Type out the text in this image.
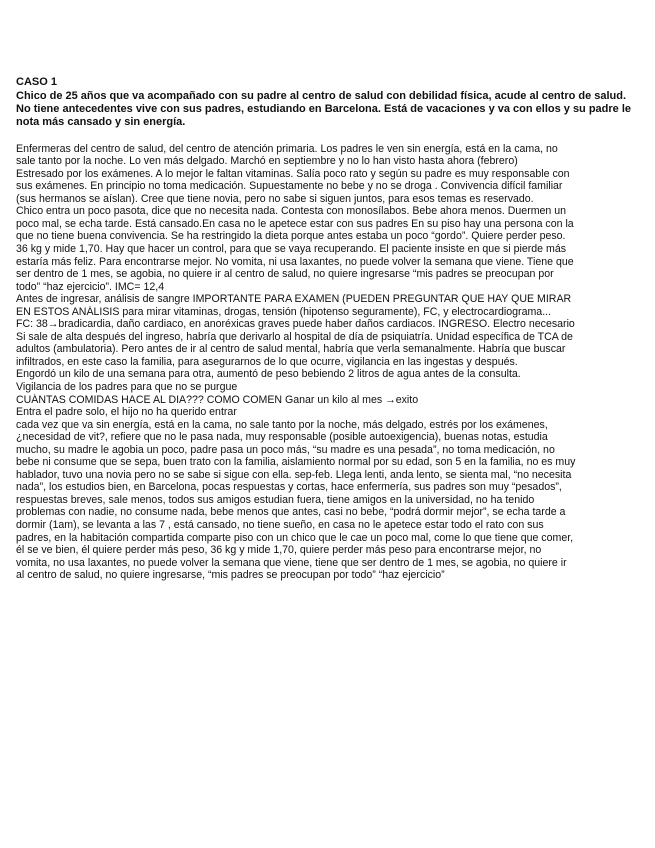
CASO 1

Chico de 25 años que va acompañado con su padre al centro de salud con debilidad física, acude al centro de salud. No tiene antecedentes vive con sus padres, estudiando en Barcelona. Está de vacaciones y va con ellos y su padre le nota más cansado y sin energía.

Enfermeras del centro de salud, del centro de atención primaria. Los padres le ven sin energía, está en la cama, no
sale tanto por la noche. Lo ven más delgado. Marchó en septiembre y no lo han visto hasta ahora (febrero)
Estresado por los exámenes. A lo mejor le faltan vitaminas. Salía poco rato y según su padre es muy responsable con
sus exámenes. En principio no toma medicación. Supuestamente no bebe y no se droga . Convivencia difícil familiar
(sus hermanos se aíslan). Cree que tiene novia, pero no sabe si siguen juntos, para esos temas es reservado.
Chico entra un poco pasota, dice que no necesita nada. Contesta con monosílabos. Bebe ahora menos. Duermen un
poco mal, se echa tarde. Está cansado.En casa no le apetece estar con sus padres En su piso hay una persona con la
que no tiene buena convivencia. Se ha restringido la dieta porque antes estaba un poco “gordo”. Quiere perder peso.
36 kg y mide 1,70. Hay que hacer un control, para que se vaya recuperando. El paciente insiste en que si pierde más
estaría más feliz. Para encontrarse mejor. No vomita, ni usa laxantes, no puede volver la semana que viene. Tiene que
ser dentro de 1 mes, se agobia, no quiere ir al centro de salud, no quiere ingresarse “mis padres se preocupan por
todo” “haz ejercicio”. IMC= 12,4
Antes de ingresar, análisis de sangre IMPORTANTE PARA EXAMEN (PUEDEN PREGUNTAR QUE HAY QUE MIRAR
EN ESTOS ANÁLISIS para mirar vitaminas, drogas, tensión (hipotenso seguramente), FC, y electrocardiograma...
FC: 38→bradicardia, daño cardiaco, en anoréxicas graves puede haber daños cardiacos. INGRESO. Electro necesario
Si sale de alta después del ingreso, habría que derivarlo al hospital de día de psiquiatría. Unidad específica de TCA de
adultos (ambulatoria). Pero antes de ir al centro de salud mental, habría que verla semanalmente. Habría que buscar
infiltrados, en este caso la familia, para asegurarnos de lo que ocurre, vigilancia en las ingestas y después.
Engordó un kilo de una semana para otra, aumentó de peso bebiendo 2 litros de agua antes de la consulta.
Vigilancia de los padres para que no se purgue
CUÁNTAS COMIDAS HACE AL DIA??? COMO COMEN Ganar un kilo al mes →exito
Entra el padre solo, el hijo no ha querido entrar
cada vez que va sin energía, está en la cama, no sale tanto por la noche, más delgado, estrés por los exámenes,
¿necesidad de vit?, refiere que no le pasa nada, muy responsable (posible autoexigencia), buenas notas, estudia
mucho, su madre le agobia un poco, padre pasa un poco más, “su madre es una pesada”, no toma medicación, no
bebe ni consume que se sepa, buen trato con la familia, aislamiento normal por su edad, son 5 en la familia, no es muy
hablador, tuvo una novia pero no se sabe si sigue con ella. sep-feb. Llega lenti, anda lento, se sienta mal, “no necesita
nada”, los estudios bien, en Barcelona, pocas respuestas y cortas, hace enfermería, sus padres son muy “pesados”,
respuestas breves, sale menos, todos sus amigos estudian fuera, tiene amigos en la universidad, no ha tenido
problemas con nadie, no consume nada, bebe menos que antes, casi no bebe, “podrá dormir mejor”, se echa tarde a
dormir (1am), se levanta a las 7 , está cansado, no tiene sueño, en casa no le apetece estar todo el rato con sus
padres, en la habitación compartida comparte piso con un chico que le cae un poco mal, come lo que tiene que comer,
él se ve bien, él quiere perder más peso, 36 kg y mide 1,70, quiere perder más peso para encontrarse mejor, no
vomita, no usa laxantes, no puede volver la semana que viene, tiene que ser dentro de 1 mes, se agobia, no quiere ir
al centro de salud, no quiere ingresarse, “mis padres se preocupan por todo” “haz ejercicio”
